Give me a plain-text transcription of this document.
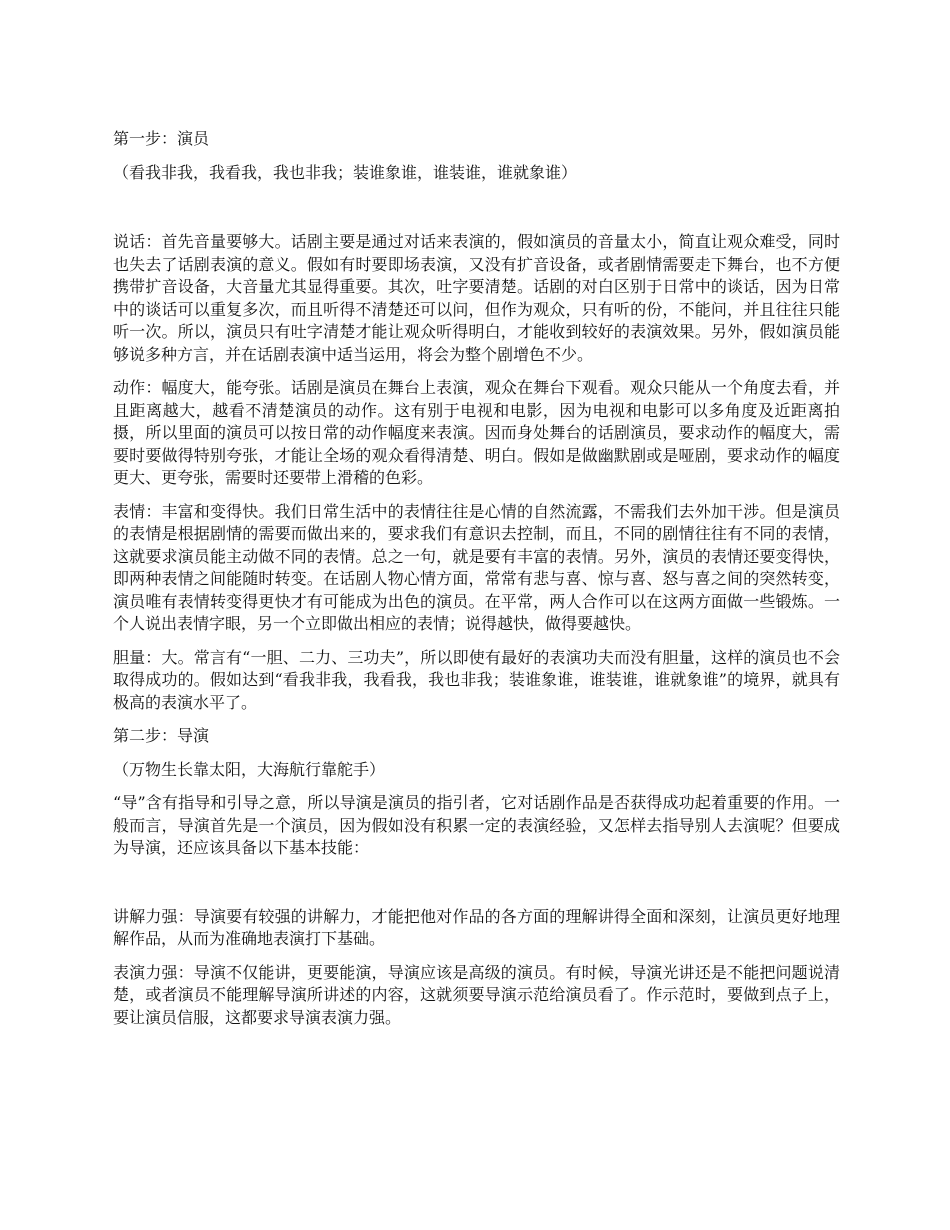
第一步：演员

（看我非我，我看我，我也非我；装谁象谁，谁装谁，谁就象谁）

说话：首先音量要够大。话剧主要是通过对话来表演的，假如演员的音量太小，简直让观众难受，同时也失去了话剧表演的意义。假如有时要即场表演，又没有扩音设备，或者剧情需要走下舞台，也不方便携带扩音设备，大音量尤其显得重要。其次，吐字要清楚。话剧的对白区别于日常中的谈话，因为日常中的谈话可以重复多次，而且听得不清楚还可以问，但作为观众，只有听的份，不能问，并且往往只能听一次。所以，演员只有吐字清楚才能让观众听得明白，才能收到较好的表演效果。另外，假如演员能够说多种方言，并在话剧表演中适当运用，将会为整个剧增色不少。

动作：幅度大，能夸张。话剧是演员在舞台上表演，观众在舞台下观看。观众只能从一个角度去看，并且距离越大，越看不清楚演员的动作。这有别于电视和电影，因为电视和电影可以多角度及近距离拍摄，所以里面的演员可以按日常的动作幅度来表演。因而身处舞台的话剧演员，要求动作的幅度大，需要时要做得特别夸张，才能让全场的观众看得清楚、明白。假如是做幽默剧或是哑剧，要求动作的幅度更大、更夸张，需要时还要带上滑稽的色彩。

表情：丰富和变得快。我们日常生活中的表情往往是心情的自然流露，不需我们去外加干涉。但是演员的表情是根据剧情的需要而做出来的，要求我们有意识去控制，而且，不同的剧情往往有不同的表情，这就要求演员能主动做不同的表情。总之一句，就是要有丰富的表情。另外，演员的表情还要变得快，即两种表情之间能随时转变。在话剧人物心情方面，常常有悲与喜、惊与喜、怒与喜之间的突然转变，演员唯有表情转变得更快才有可能成为出色的演员。在平常，两人合作可以在这两方面做一些锻炼。一个人说出表情字眼，另一个立即做出相应的表情；说得越快，做得要越快。

胆量：大。常言有“一胆、二力、三功夫”，所以即使有最好的表演功夫而没有胆量，这样的演员也不会取得成功的。假如达到“看我非我，我看我，我也非我；装谁象谁，谁装谁，谁就象谁”的境界，就具有极高的表演水平了。

第二步：导演

（万物生长靠太阳，大海航行靠舵手）

“导”含有指导和引导之意，所以导演是演员的指引者，它对话剧作品是否获得成功起着重要的作用。一般而言，导演首先是一个演员，因为假如没有积累一定的表演经验，又怎样去指导别人去演呢？但要成为导演，还应该具备以下基本技能：

讲解力强：导演要有较强的讲解力，才能把他对作品的各方面的理解讲得全面和深刻，让演员更好地理解作品，从而为准确地表演打下基础。

表演力强：导演不仅能讲，更要能演，导演应该是高级的演员。有时候，导演光讲还是不能把问题说清楚，或者演员不能理解导演所讲述的内容，这就须要导演示范给演员看了。作示范时，要做到点子上，要让演员信服，这都要求导演表演力强。
